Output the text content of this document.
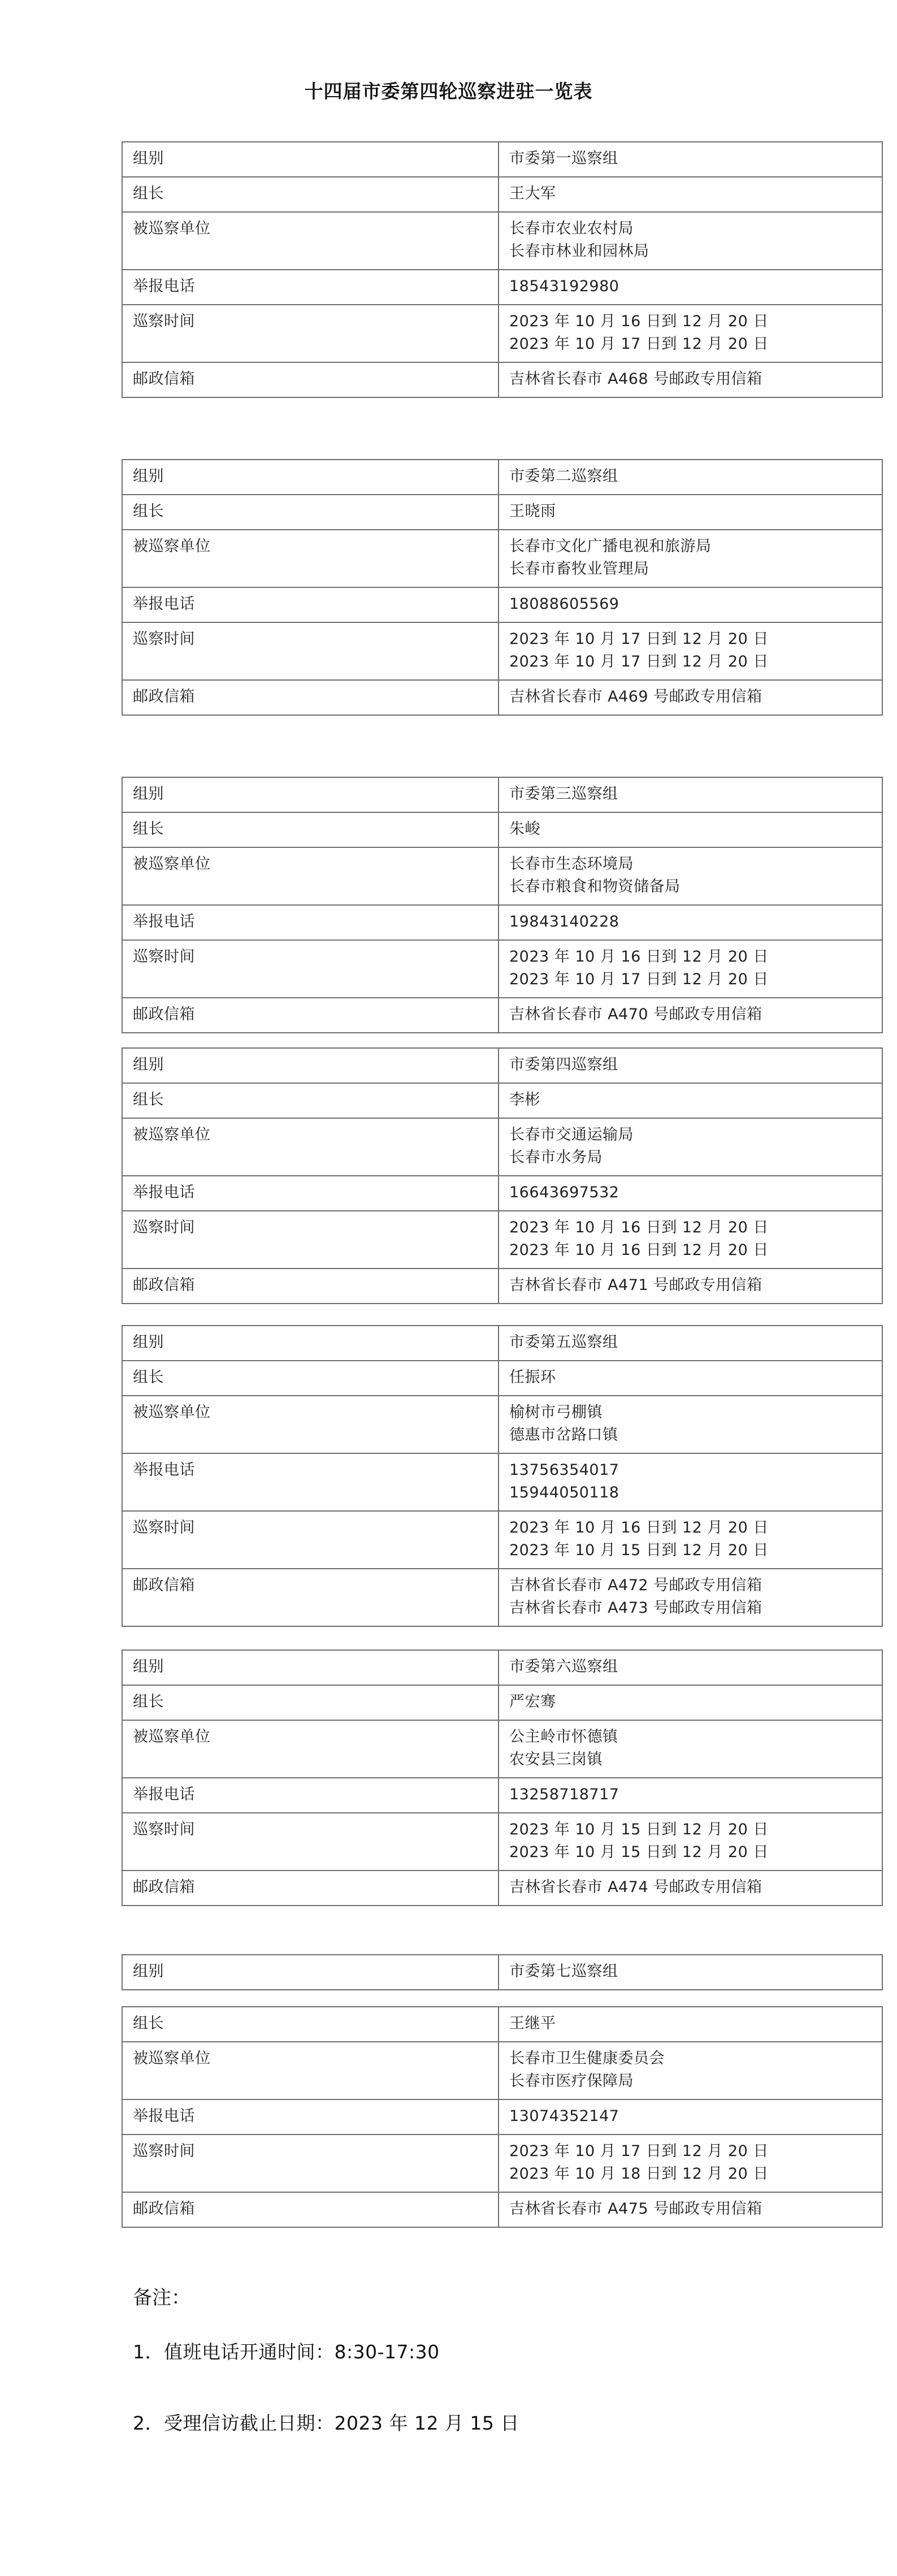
十四届市委第四轮巡察进驻一览表
组别	市委第一巡察组
组长	王大军
被巡察单位	长春市农业农村局
长春市林业和园林局

举报电话	18543192980

巡察时间	2023 年 10 月 16 日到 12 月 20 日
2023 年 10 月 17 日到 12 月 20 日

邮政信箱	吉林省长春市 A468 号邮政专用信箱
组别	市委第二巡察组
组长	王晓雨
被巡察单位	长春市文化广播电视和旅游局
长春市畜牧业管理局

举报电话	18088605569

巡察时间	2023 年 10 月 17 日到 12 月 20 日
2023 年 10 月 17 日到 12 月 20 日

邮政信箱	吉林省长春市 A469 号邮政专用信箱
组别	市委第三巡察组
组长	朱峻
被巡察单位	长春市生态环境局
长春市粮食和物资储备局

举报电话	19843140228

巡察时间	2023 年 10 月 16 日到 12 月 20 日
2023 年 10 月 17 日到 12 月 20 日

邮政信箱	吉林省长春市 A470 号邮政专用信箱
组别	市委第四巡察组
组长	李彬
被巡察单位	长春市交通运输局
长春市水务局

举报电话	16643697532

巡察时间	2023 年 10 月 16 日到 12 月 20 日
2023 年 10 月 16 日到 12 月 20 日

邮政信箱	吉林省长春市 A471 号邮政专用信箱
组别	市委第五巡察组
组长	任振环
被巡察单位	榆树市弓棚镇
德惠市岔路口镇

举报电话	13756354017
15944050118

巡察时间	2023 年 10 月 16 日到 12 月 20 日
2023 年 10 月 15 日到 12 月 20 日

邮政信箱	吉林省长春市 A472 号邮政专用信箱
吉林省长春市 A473 号邮政专用信箱
组别	市委第六巡察组
组长	严宏骞
被巡察单位	公主岭市怀德镇
农安县三岗镇

举报电话	13258718717

巡察时间	2023 年 10 月 15 日到 12 月 20 日
2023 年 10 月 15 日到 12 月 20 日

邮政信箱	吉林省长春市 A474 号邮政专用信箱
组别	市委第七巡察组
组长	王继平
被巡察单位	长春市卫生健康委员会
长春市医疗保障局

举报电话	13074352147

巡察时间	2023 年 10 月 17 日到 12 月 20 日
2023 年 10 月 18 日到 12 月 20 日

邮政信箱	吉林省长春市 A475 号邮政专用信箱
备注：
1．值班电话开通时间：8:30-17:30
2．受理信访截止日期：2023 年 12 月 15 日
